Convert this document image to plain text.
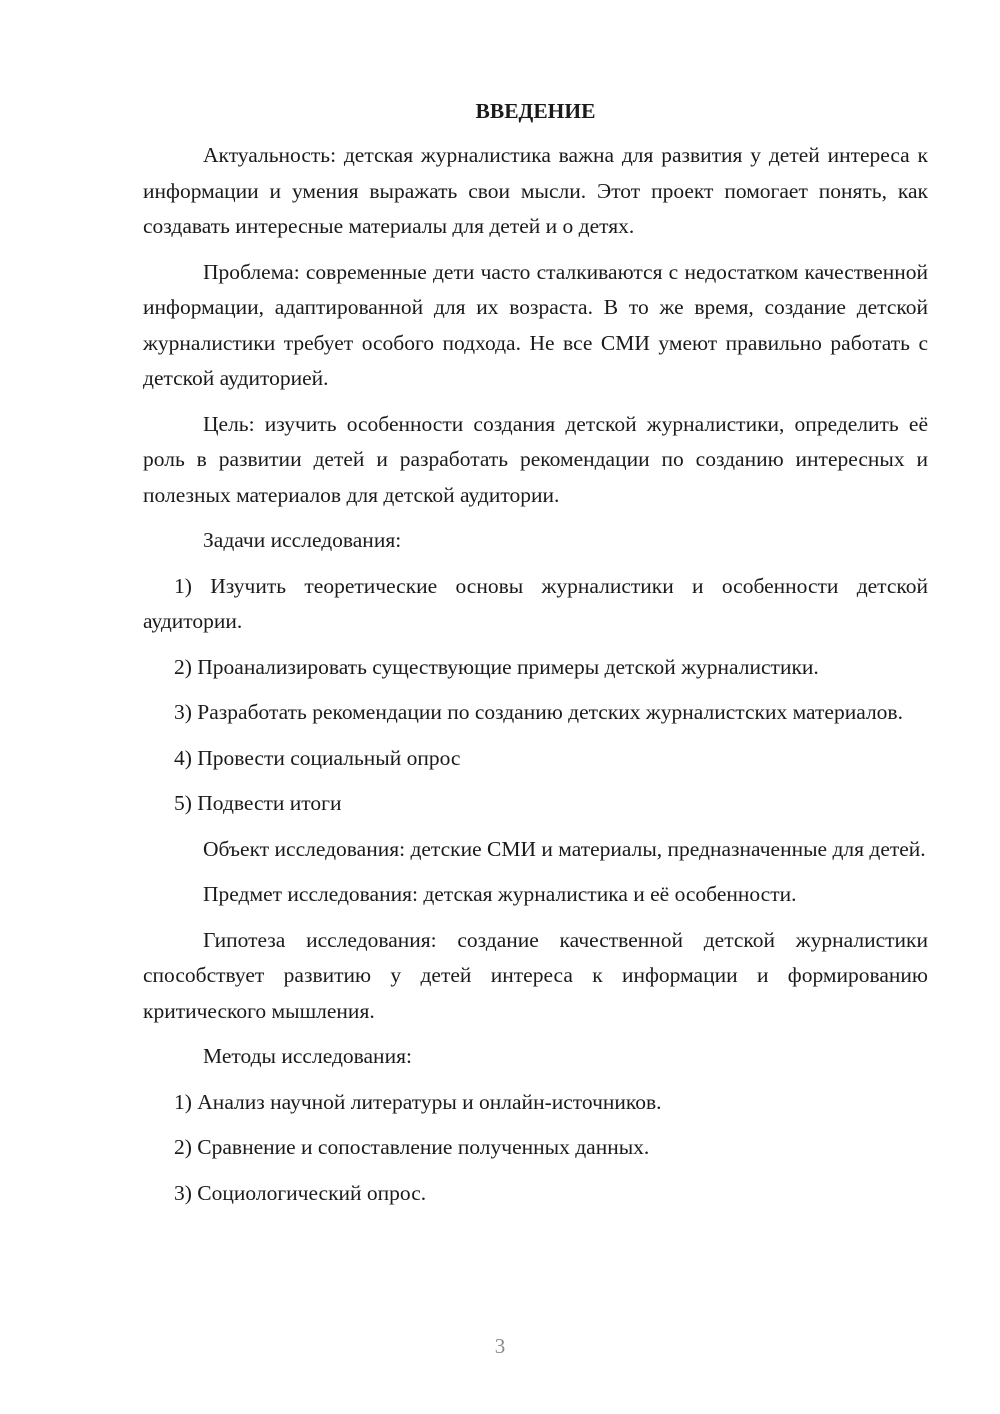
ВВЕДЕНИЕ

Актуальность: детская журналистика важна для развития у детей интереса к информации и умения выражать свои мысли. Этот проект помогает понять, как создавать интересные материалы для детей и о детях.

Проблема: современные дети часто сталкиваются с недостатком качественной информации, адаптированной для их возраста. В то же время, создание детской журналистики требует особого подхода. Не все СМИ умеют правильно работать с детской аудиторией.

Цель: изучить особенности создания детской журналистики, определить её роль в развитии детей и разработать рекомендации по созданию интересных и полезных материалов для детской аудитории.

Задачи исследования:

1) Изучить теоретические основы журналистики и особенности детской аудитории.

2) Проанализировать существующие примеры детской журналистики.

3) Разработать рекомендации по созданию детских журналистских материалов.

4) Провести социальный опрос

5) Подвести итоги

Объект исследования: детские СМИ и материалы, предназначенные для детей.

Предмет исследования: детская журналистика и её особенности.

Гипотеза исследования: создание качественной детской журналистики способствует развитию у детей интереса к информации и формированию критического мышления.

Методы исследования:

1) Анализ научной литературы и онлайн-источников.

2) Сравнение и сопоставление полученных данных.

3) Социологический опрос.

3
